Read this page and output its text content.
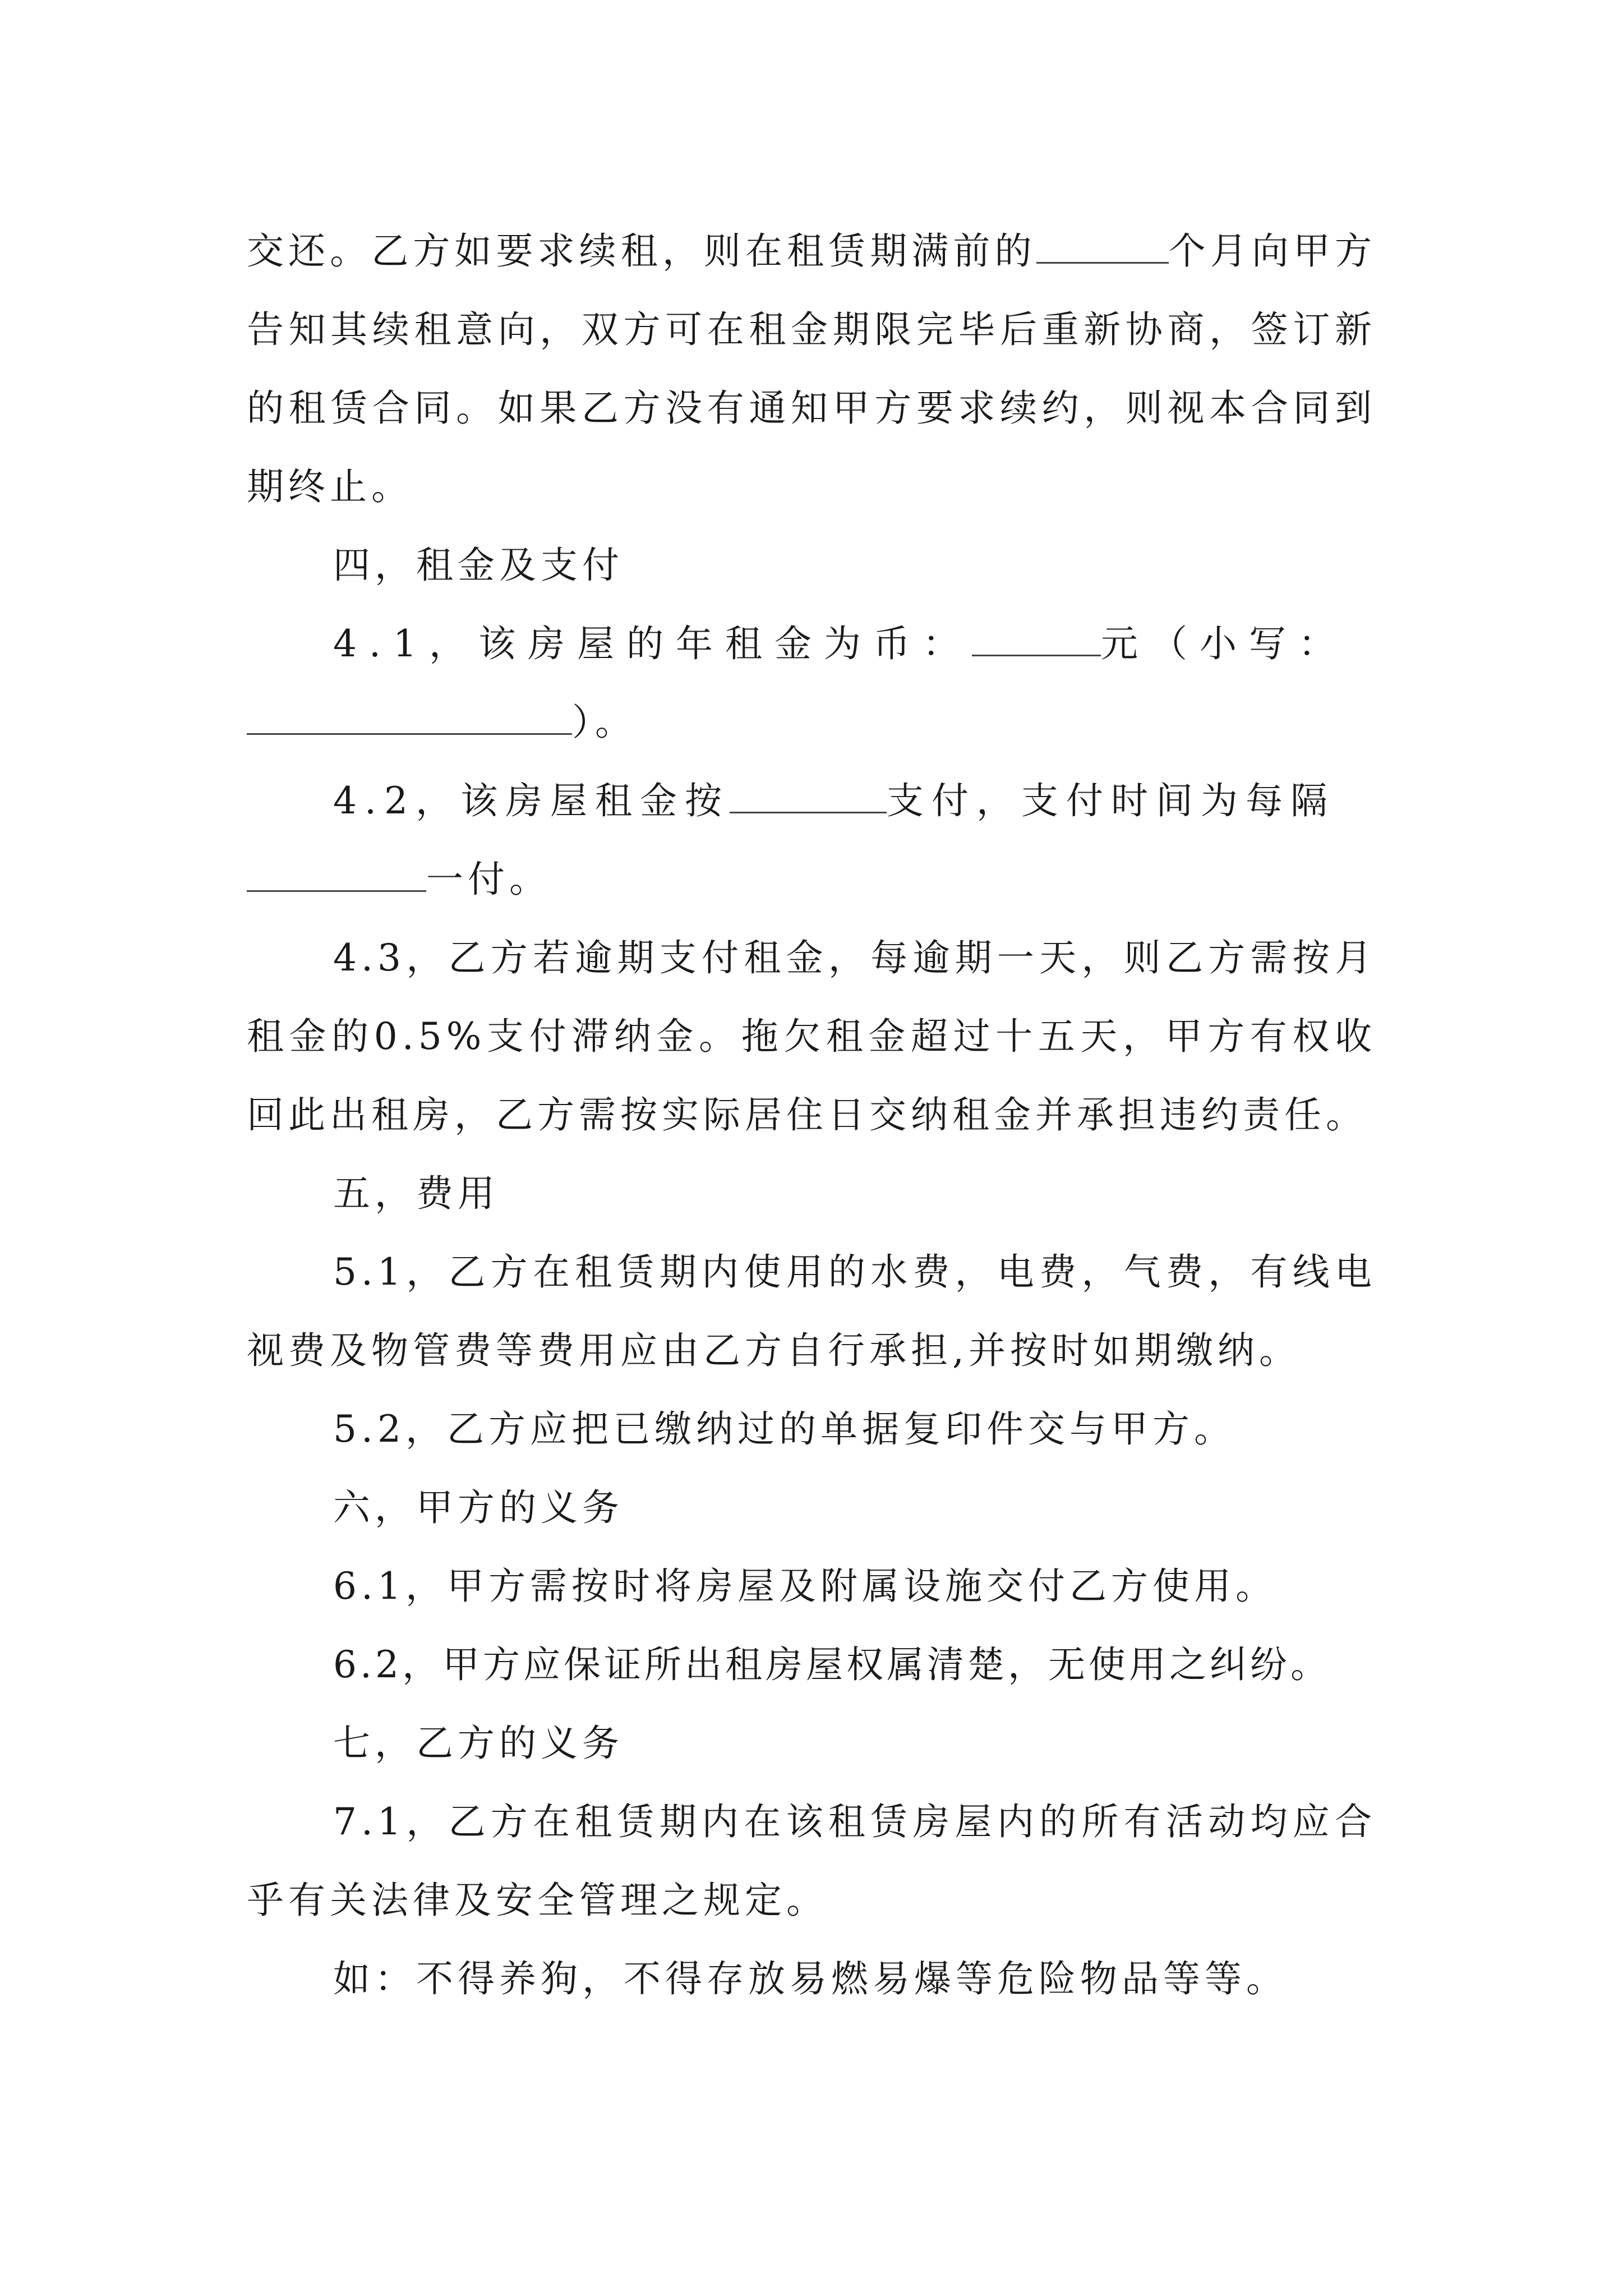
交还。乙方如要求续租，则在租赁期满前的	个月向甲方告知其续租意向，双方可在租金期限完毕后重新协商，签订新的租赁合同。如果乙方没有通知甲方要求续约，则视本合同到期终止。

四，租金及支付

4.1，该房屋的年租金为币：	元（小写：

）。

4.2，该房屋租金按	支付，支付时间为每隔

一付。

4.3，乙方若逾期支付租金，每逾期一天，则乙方需按月租金的0.5%支付滞纳金。拖欠租金超过十五天，甲方有权收回此出租房，乙方需按实际居住日交纳租金并承担违约责任。

五，费用

5.1，乙方在租赁期内使用的水费，电费，气费，有线电视费及物管费等费用应由乙方自行承担,并按时如期缴纳。

5.2，乙方应把已缴纳过的单据复印件交与甲方。

六，甲方的义务

6.1，甲方需按时将房屋及附属设施交付乙方使用。

6.2，甲方应保证所出租房屋权属清楚，无使用之纠纷。

七，乙方的义务

7.1，乙方在租赁期内在该租赁房屋内的所有活动均应合乎有关法律及安全管理之规定。

如：不得养狗，不得存放易燃易爆等危险物品等等。
